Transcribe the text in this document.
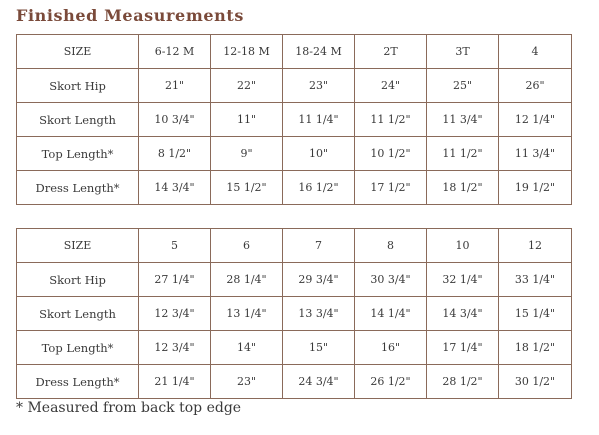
Finished Measurements
SIZE	6-12 M	12-18 M	18-24 M	2T	3T	4
Skort Hip	21"	22"	23"	24"	25"	26"
Skort Length	10 3/4"	11"	11 1/4"	11 1/2"	11 3/4"	12 1/4"
Top Length*	8 1/2"	9"	10"	10 1/2"	11 1/2"	11 3/4"
Dress Length*	14 3/4"	15 1/2"	16 1/2"	17 1/2"	18 1/2"	19 1/2"
SIZE	5	6	7	8	10	12
Skort Hip	27 1/4"	28 1/4"	29 3/4"	30 3/4"	32 1/4"	33 1/4"
Skort Length	12 3/4"	13 1/4"	13 3/4"	14 1/4"	14 3/4"	15 1/4"
Top Length*	12 3/4"	14"	15"	16"	17 1/4"	18 1/2"
Dress Length*	21 1/4"	23"	24 3/4"	26 1/2"	28 1/2"	30 1/2"
* Measured from back top edge
